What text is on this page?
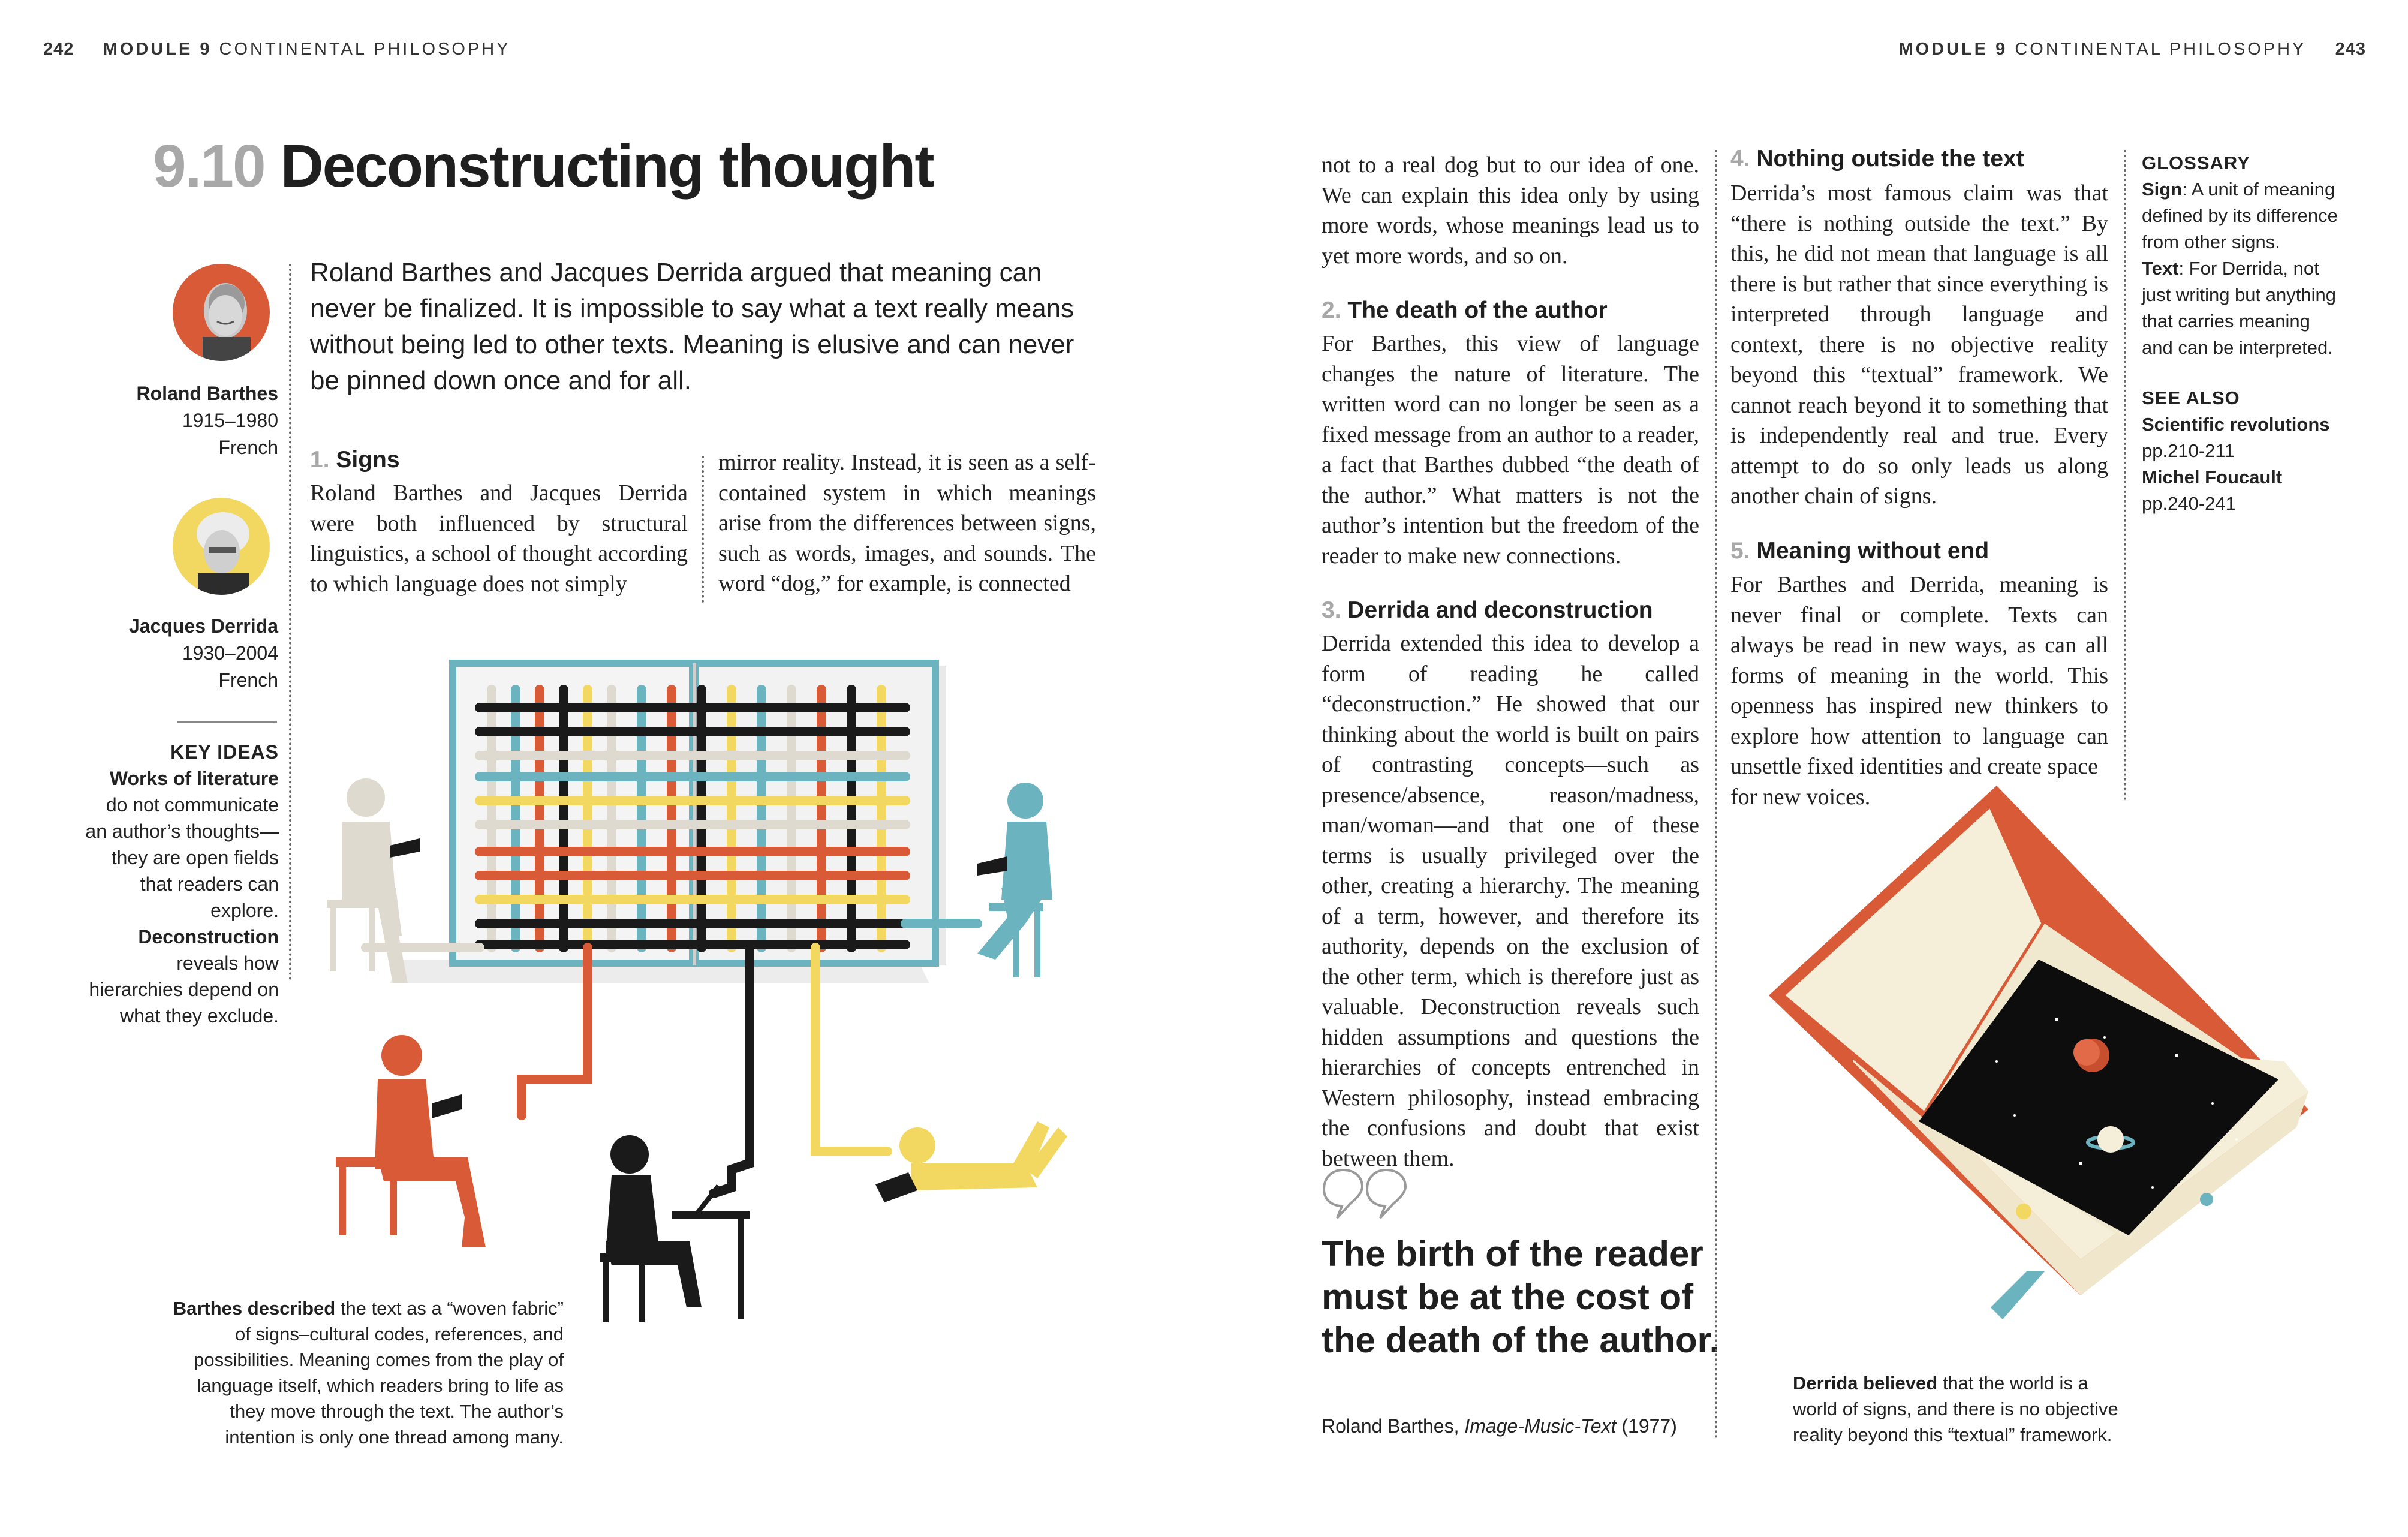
242 MODULE 9 CONTINENTAL PHILOSOPHY	MODULE 9 CONTINENTAL PHILOSOPHY 243
9.10 Deconstructing thought
Roland Barthes and Jacques Derrida argued that meaning can never be finalized. It is impossible to say what a text really means without being led to other texts. Meaning is elusive and can never be pinned down once and for all.
Roland Barthes
1915–1980
French
Jacques Derrida
1930–2004
French
KEY IDEAS
Works of literature do not communicate an author’s thoughts—they are open fields that readers can explore.
Deconstruction reveals how hierarchies depend on what they exclude.
1. Signs
Roland Barthes and Jacques Derrida were both influenced by structural linguistics, a school of thought according to which language does not simply
mirror reality. Instead, it is seen as a self-contained system in which meanings arise from the differences between signs, such as words, images, and sounds. The word “dog,” for example, is connected
Barthes described the text as a “woven fabric” of signs–cultural codes, references, and possibilities. Meaning comes from the play of language itself, which readers bring to life as they move through the text. The author’s intention is only one thread among many.
not to a real dog but to our idea of one. We can explain this idea only by using more words, whose meanings lead us to yet more words, and so on.
2. The death of the author
For Barthes, this view of language changes the nature of literature. The written word can no longer be seen as a fixed message from an author to a reader, a fact that Barthes dubbed “the death of the author.” What matters is not the author’s intention but the freedom of the reader to make new connections.
3. Derrida and deconstruction
Derrida extended this idea to develop a form of reading he called “deconstruction.” He showed that our thinking about the world is built on pairs of contrasting concepts—such as presence/absence, reason/madness, man/woman—and that one of these terms is usually privileged over the other, creating a hierarchy. The meaning of a term, however, and therefore its authority, depends on the exclusion of the other term, which is therefore just as valuable. Deconstruction reveals such hidden assumptions and questions the hierarchies of concepts entrenched in Western philosophy, instead embracing the confusions and doubt that exist between them.
The birth of the reader must be at the cost of the death of the author.
Roland Barthes, Image-Music-Text (1977)
4. Nothing outside the text
Derrida’s most famous claim was that “there is nothing outside the text.” By this, he did not mean that language is all there is but rather that since everything is interpreted through language and context, there is no objective reality beyond this “textual” framework. We cannot reach beyond it to something that is independently real and true. Every attempt to do so only leads us along another chain of signs.
5. Meaning without end
For Barthes and Derrida, meaning is never final or complete. Texts can always be read in new ways, as can all forms of meaning in the world. This openness has inspired new thinkers to explore how attention to language can unsettle fixed identities and create space
for new voices.
GLOSSARY
Sign: A unit of meaning defined by its difference from other signs.
Text: For Derrida, not just writing but anything that carries meaning and can be interpreted.
SEE ALSO
Scientific revolutions
pp.210-211
Michel Foucault
pp.240-241
Derrida believed that the world is a world of signs, and there is no objective reality beyond this “textual” framework.
